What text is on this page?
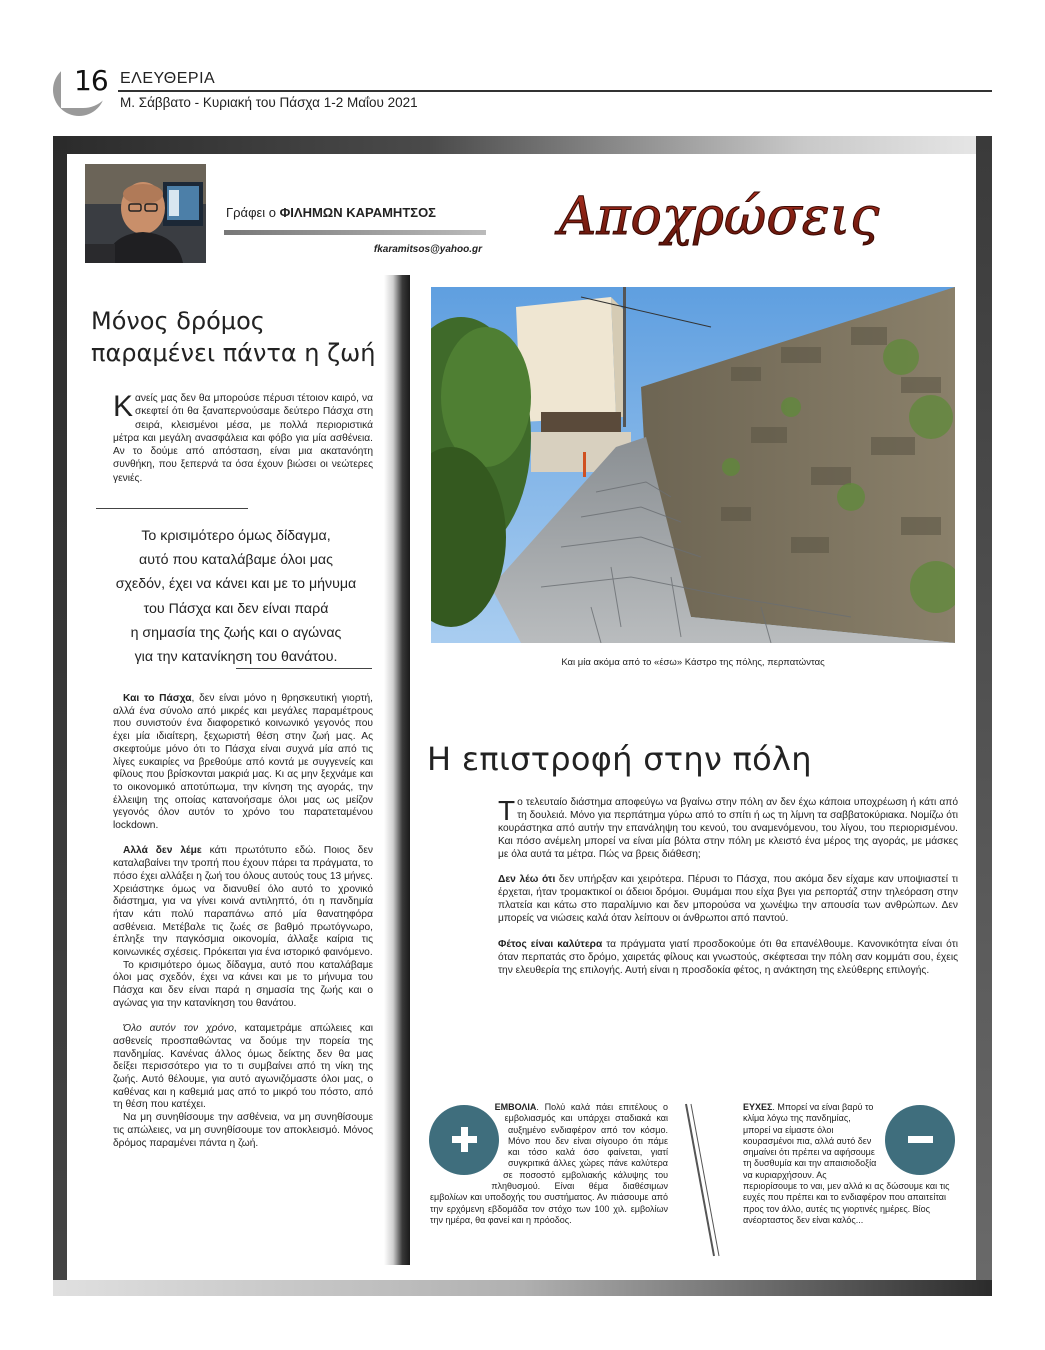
16 ΕΛΕΥΘΕΡΙΑ
Μ. Σάββατο - Κυριακή του Πάσχα 1-2 Μαΐου 2021
Γράφει ο ΦΙΛΗΜΩΝ ΚΑΡΑΜΗΤΣΟΣ
fkaramitsos@yahoo.gr
Αποχρώσεις
Μόνος δρόμος
παραμένει πάντα η ζωή
Κανείς μας δεν θα μπορούσε πέρυσι τέτοιον καιρό, να σκεφτεί ότι θα ξαναπερνούσαμε δεύτερο Πάσχα στη σειρά, κλεισμένοι μέσα, με πολλά περιοριστικά μέτρα και μεγάλη ανασφάλεια και φόβο για μία ασθένεια. Αν το δούμε από απόσταση, είναι μια ακατανόητη συνθήκη, που ξεπερνά τα όσα έχουν βιώσει οι νεώτερες γενιές.
Το κρισιμότερο όμως δίδαγμα,
αυτό που καταλάβαμε όλοι μας
σχεδόν, έχει να κάνει και με το μήνυμα
του Πάσχα και δεν είναι παρά
η σημασία της ζωής και ο αγώνας
για την κατανίκηση του θανάτου.

Και το Πάσχα, δεν είναι μόνο η θρησκευτική γιορτή, αλλά ένα σύνολο από μικρές και μεγάλες παραμέτρους που συνιστούν ένα διαφορετικό κοινωνικό γεγονός που έχει μία ιδιαίτερη, ξεχωριστή θέση στην ζωή μας. Ας σκεφτούμε μόνο ότι το Πάσχα είναι συχνά μία από τις λίγες ευκαιρίες να βρεθούμε από κοντά με συγγενείς και φίλους που βρίσκονται μακριά μας. Κι ας μην ξεχνάμε και το οικονομικό αποτύπωμα, την κίνηση της αγοράς, την έλλειψη της οποίας κατανοήσαμε όλοι μας ως μείζον γεγονός όλον αυτόν το χρόνο του παρατεταμένου lockdown.

Αλλά δεν λέμε κάτι πρωτότυπο εδώ. Ποιος δεν καταλαβαίνει την τροπή που έχουν πάρει τα πράγματα, το πόσο έχει αλλάξει η ζωή του όλους αυτούς τους 13 μήνες. Χρειάστηκε όμως να διανυθεί όλο αυτό το χρονικό διάστημα, για να γίνει κοινά αντιληπτό, ότι η πανδημία ήταν κάτι πολύ παραπάνω από μία θανατηφόρα ασθένεια. Μετέβαλε τις ζωές σε βαθμό πρωτόγνωρο, έπληξε την παγκόσμια οικονομία, άλλαξε καίρια τις κοινωνικές σχέσεις. Πρόκειται για ένα ιστορικό φαινόμενο.

Το κρισιμότερο όμως δίδαγμα, αυτό που καταλάβαμε όλοι μας σχεδόν, έχει να κάνει και με το μήνυμα του Πάσχα και δεν είναι παρά η σημασία της ζωής και ο αγώνας για την κατανίκηση του θανάτου.

Όλο αυτόν τον χρόνο, καταμετράμε απώλειες και ασθενείς προσπαθώντας να δούμε την πορεία της πανδημίας. Κανένας άλλος όμως δείκτης δεν θα μας δείξει περισσότερο για το τι συμβαίνει από τη νίκη της ζωής. Αυτό θέλουμε, για αυτό αγωνιζόμαστε όλοι μας, ο καθένας και η καθεμιά μας από το μικρό του πόστο, από τη θέση που κατέχει.

Να μη συνηθίσουμε την ασθένεια, να μη συνηθίσουμε τις απώλειες, να μη συνηθίσουμε τον αποκλεισμό. Μόνος δρόμος παραμένει πάντα η ζωή.

Και μία ακόμα από το «έσω» Κάστρο της πόλης, περπατώντας
Η επιστροφή στην πόλη

Το τελευταίο διάστημα αποφεύγω να βγαίνω στην πόλη αν δεν έχω κάποια υποχρέωση ή κάτι από τη δουλειά. Μόνο για περπάτημα γύρω από το σπίτι ή ως τη λίμνη τα σαββατοκύριακα. Νομίζω ότι κουράστηκα από αυτήν την επανάληψη του κενού, του αναμενόμενου, του λίγου, του περιορισμένου. Και πόσο ανέμελη μπορεί να είναι μία βόλτα στην πόλη με κλειστό ένα μέρος της αγοράς, με μάσκες με όλα αυτά τα μέτρα. Πώς να βρεις διάθεση;

Δεν λέω ότι δεν υπήρξαν και χειρότερα. Πέρυσι το Πάσχα, που ακόμα δεν είχαμε καν υποψιαστεί τι έρχεται, ήταν τρομακτικοί οι άδειοι δρόμοι. Θυμάμαι που είχα βγει για ρεπορτάζ στην τηλεόραση στην πλατεία και κάτω στο παραλίμνιο και δεν μπορούσα να χωνέψω την απουσία των ανθρώπων. Δεν μπορείς να νιώσεις καλά όταν λείπουν οι άνθρωποι από παντού.

Φέτος είναι καλύτερα τα πράγματα γιατί προσδοκούμε ότι θα επανέλθουμε. Κανονικότητα είναι ότι όταν περπατάς στο δρόμο, χαιρετάς φίλους και γνωστούς, σκέφτεσαι την πόλη σαν κομμάτι σου, έχεις την ελευθερία της επιλογής. Αυτή είναι η προσδοκία φέτος, η ανάκτηση της ελεύθερης επιλογής.

ΕΜΒΟΛΙΑ. Πολύ καλά πάει επιτέλους ο εμβολιασμός και υπάρχει σταδιακά και αυξημένο ενδιαφέρον από τον κόσμο. Μόνο που δεν είναι σίγουρο ότι πάμε και τόσο καλά όσο φαίνεται, γιατί συγκριτικά άλλες χώρες πάνε καλύτερα σε ποσοστό εμβολιακής κάλυψης του πληθυσμού. Είναι θέμα διαθέσιμων εμβολίων και υποδοχής του συστήματος. Αν πιάσουμε από την ερχόμενη εβδομάδα τον στόχο των 100 χιλ. εμβολίων την ημέρα, θα φανεί και η πρόοδος.
ΕΥΧΕΣ. Μπορεί να είναι βαρύ το κλίμα λόγω της πανδημίας, μπορεί να είμαστε όλοι κουρασμένοι πια, αλλά αυτό δεν σημαίνει ότι πρέπει να αφήσουμε τη δυσθυμία και την απαισιοδοξία να κυριαρχήσουν. Ας περιορίσουμε το ναι, μεν αλλά κι ας δώσουμε και τις ευχές που πρέπει και το ενδιαφέρον που απαιτείται προς τον άλλο, αυτές τις γιορτινές ημέρες. Βίος ανέορταστος δεν είναι καλός...
